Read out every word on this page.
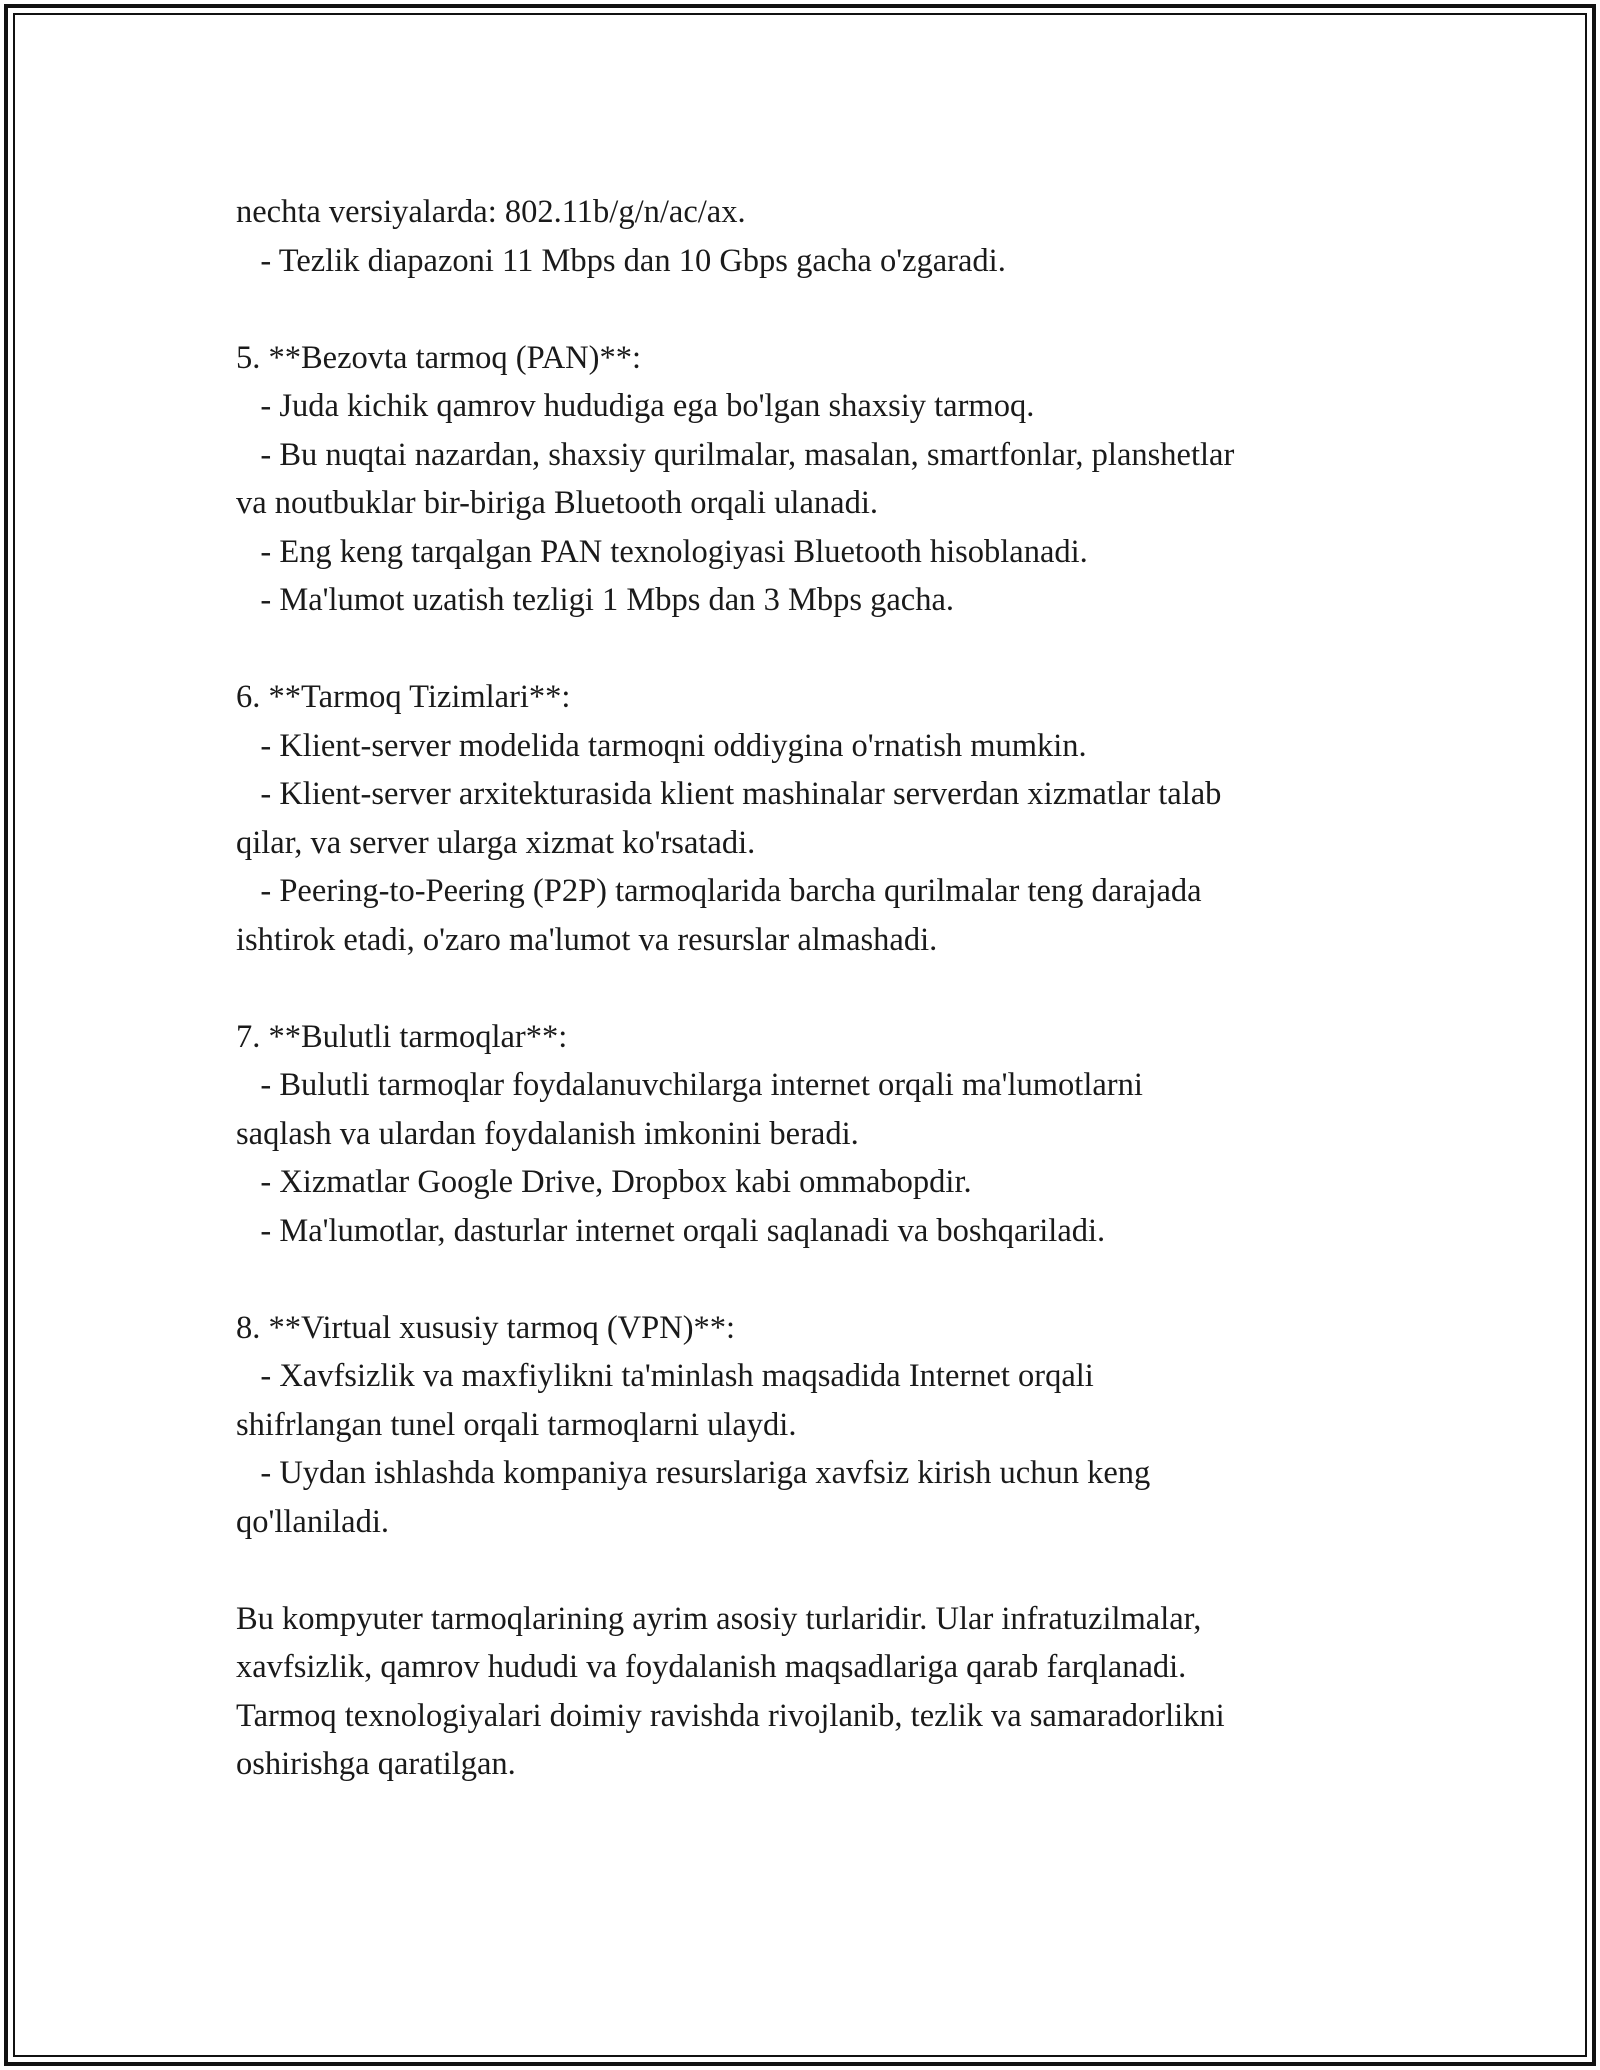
nechta versiyalarda: 802.11b/g/n/ac/ax.
- Tezlik diapazoni 11 Mbps dan 10 Gbps gacha o'zgaradi.
5. **Bezovta tarmoq (PAN)**:
- Juda kichik qamrov hududiga ega bo'lgan shaxsiy tarmoq.
- Bu nuqtai nazardan, shaxsiy qurilmalar, masalan, smartfonlar, planshetlar
va noutbuklar bir-biriga Bluetooth orqali ulanadi.
- Eng keng tarqalgan PAN texnologiyasi Bluetooth hisoblanadi.
- Ma'lumot uzatish tezligi 1 Mbps dan 3 Mbps gacha.
6. **Tarmoq Tizimlari**:
- Klient-server modelida tarmoqni oddiygina o'rnatish mumkin.
- Klient-server arxitekturasida klient mashinalar serverdan xizmatlar talab
qilar, va server ularga xizmat ko'rsatadi.
- Peering-to-Peering (P2P) tarmoqlarida barcha qurilmalar teng darajada
ishtirok etadi, o'zaro ma'lumot va resurslar almashadi.
7. **Bulutli tarmoqlar**:
- Bulutli tarmoqlar foydalanuvchilarga internet orqali ma'lumotlarni
saqlash va ulardan foydalanish imkonini beradi.
- Xizmatlar Google Drive, Dropbox kabi ommabopdir.
- Ma'lumotlar, dasturlar internet orqali saqlanadi va boshqariladi.
8. **Virtual xususiy tarmoq (VPN)**:
- Xavfsizlik va maxfiylikni ta'minlash maqsadida Internet orqali
shifrlangan tunel orqali tarmoqlarni ulaydi.
- Uydan ishlashda kompaniya resurslariga xavfsiz kirish uchun keng
qo'llaniladi.
Bu kompyuter tarmoqlarining ayrim asosiy turlaridir. Ular infratuzilmalar,
xavfsizlik, qamrov hududi va foydalanish maqsadlariga qarab farqlanadi.
Tarmoq texnologiyalari doimiy ravishda rivojlanib, tezlik va samaradorlikni
oshirishga qaratilgan.
